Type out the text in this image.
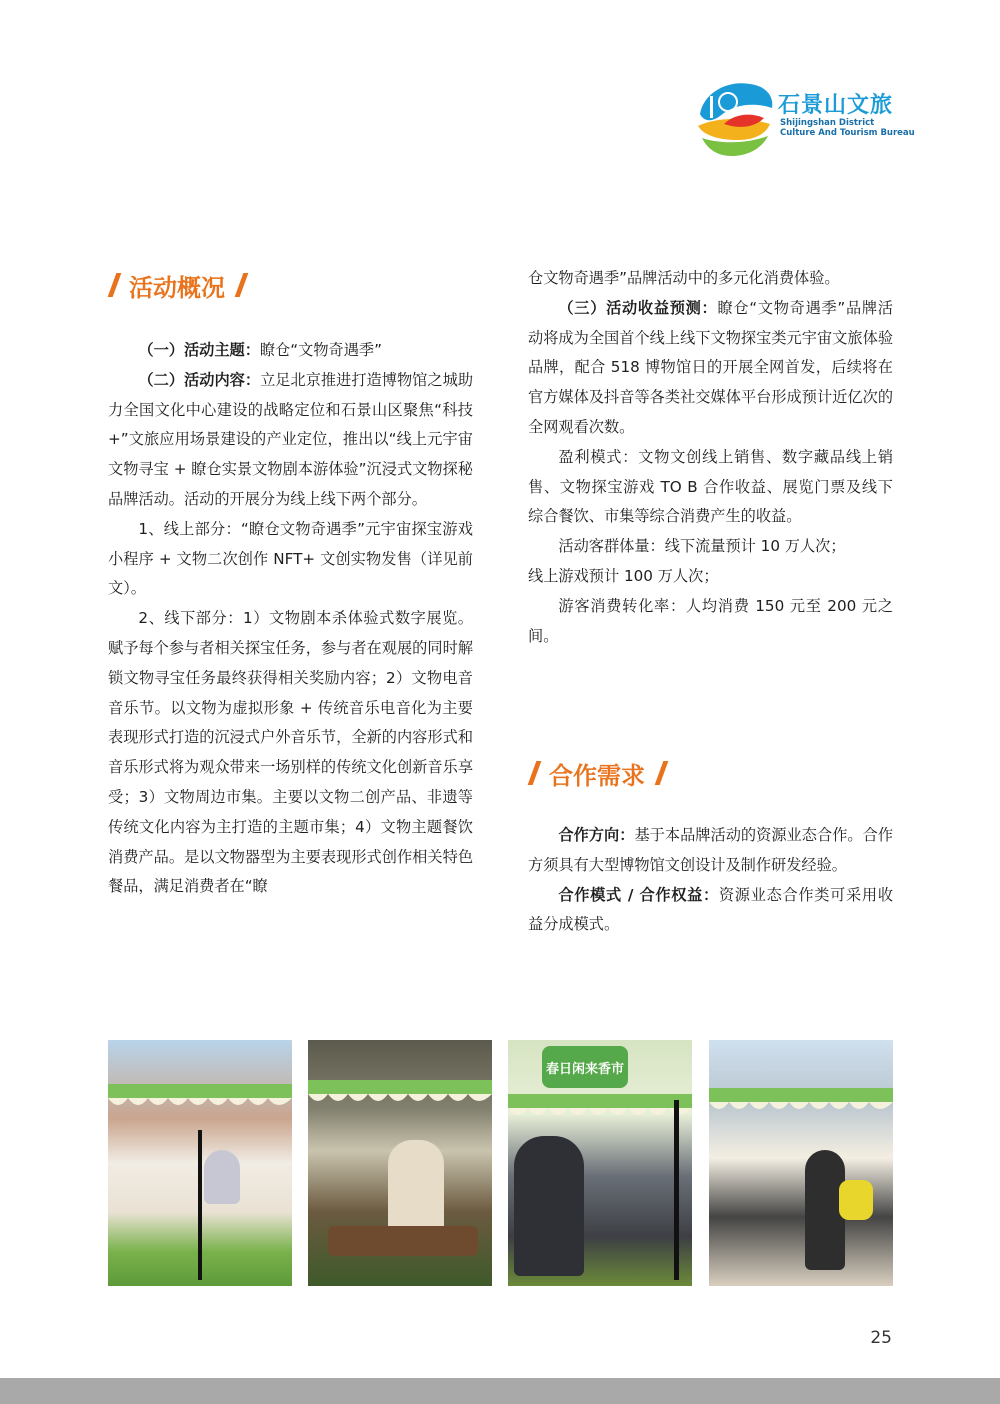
石景山文旅
Shijingshan District
Culture And Tourism Bureau
活动概况

（一）活动主题：瞭仓“文物奇遇季”

（二）活动内容：立足北京推进打造博物馆之城助力全国文化中心建设的战略定位和石景山区聚焦“科技 +”文旅应用场景建设的产业定位，推出以“线上元宇宙文物寻宝 + 瞭仓实景文物剧本游体验”沉浸式文物探秘品牌活动。活动的开展分为线上线下两个部分。

1、线上部分：“瞭仓文物奇遇季”元宇宙探宝游戏小程序 + 文物二次创作 NFT+ 文创实物发售（详见前文）。

2、线下部分：1）文物剧本杀体验式数字展览。赋予每个参与者相关探宝任务，参与者在观展的同时解锁文物寻宝任务最终获得相关奖励内容；2）文物电音音乐节。以文物为虚拟形象 + 传统音乐电音化为主要表现形式打造的沉浸式户外音乐节，全新的内容形式和音乐形式将为观众带来一场别样的传统文化创新音乐享受；3）文物周边市集。主要以文物二创产品、非遗等传统文化内容为主打造的主题市集；4）文物主题餐饮消费产品。是以文物器型为主要表现形式创作相关特色餐品，满足消费者在“瞭

仓文物奇遇季”品牌活动中的多元化消费体验。

（三）活动收益预测：瞭仓“文物奇遇季”品牌活动将成为全国首个线上线下文物探宝类元宇宙文旅体验品牌，配合 518 博物馆日的开展全网首发，后续将在官方媒体及抖音等各类社交媒体平台形成预计近亿次的全网观看次数。

盈利模式：文物文创线上销售、数字藏品线上销售、文物探宝游戏 TO B 合作收益、展览门票及线下综合餐饮、市集等综合消费产生的收益。

活动客群体量：线下流量预计 10 万人次；

线上游戏预计 100 万人次；

游客消费转化率：人均消费 150 元至 200 元之间。

合作需求

合作方向：基于本品牌活动的资源业态合作。合作方须具有大型博物馆文创设计及制作研发经验。

合作模式 / 合作权益：资源业态合作类可采用收益分成模式。

春日闲来香市
25
